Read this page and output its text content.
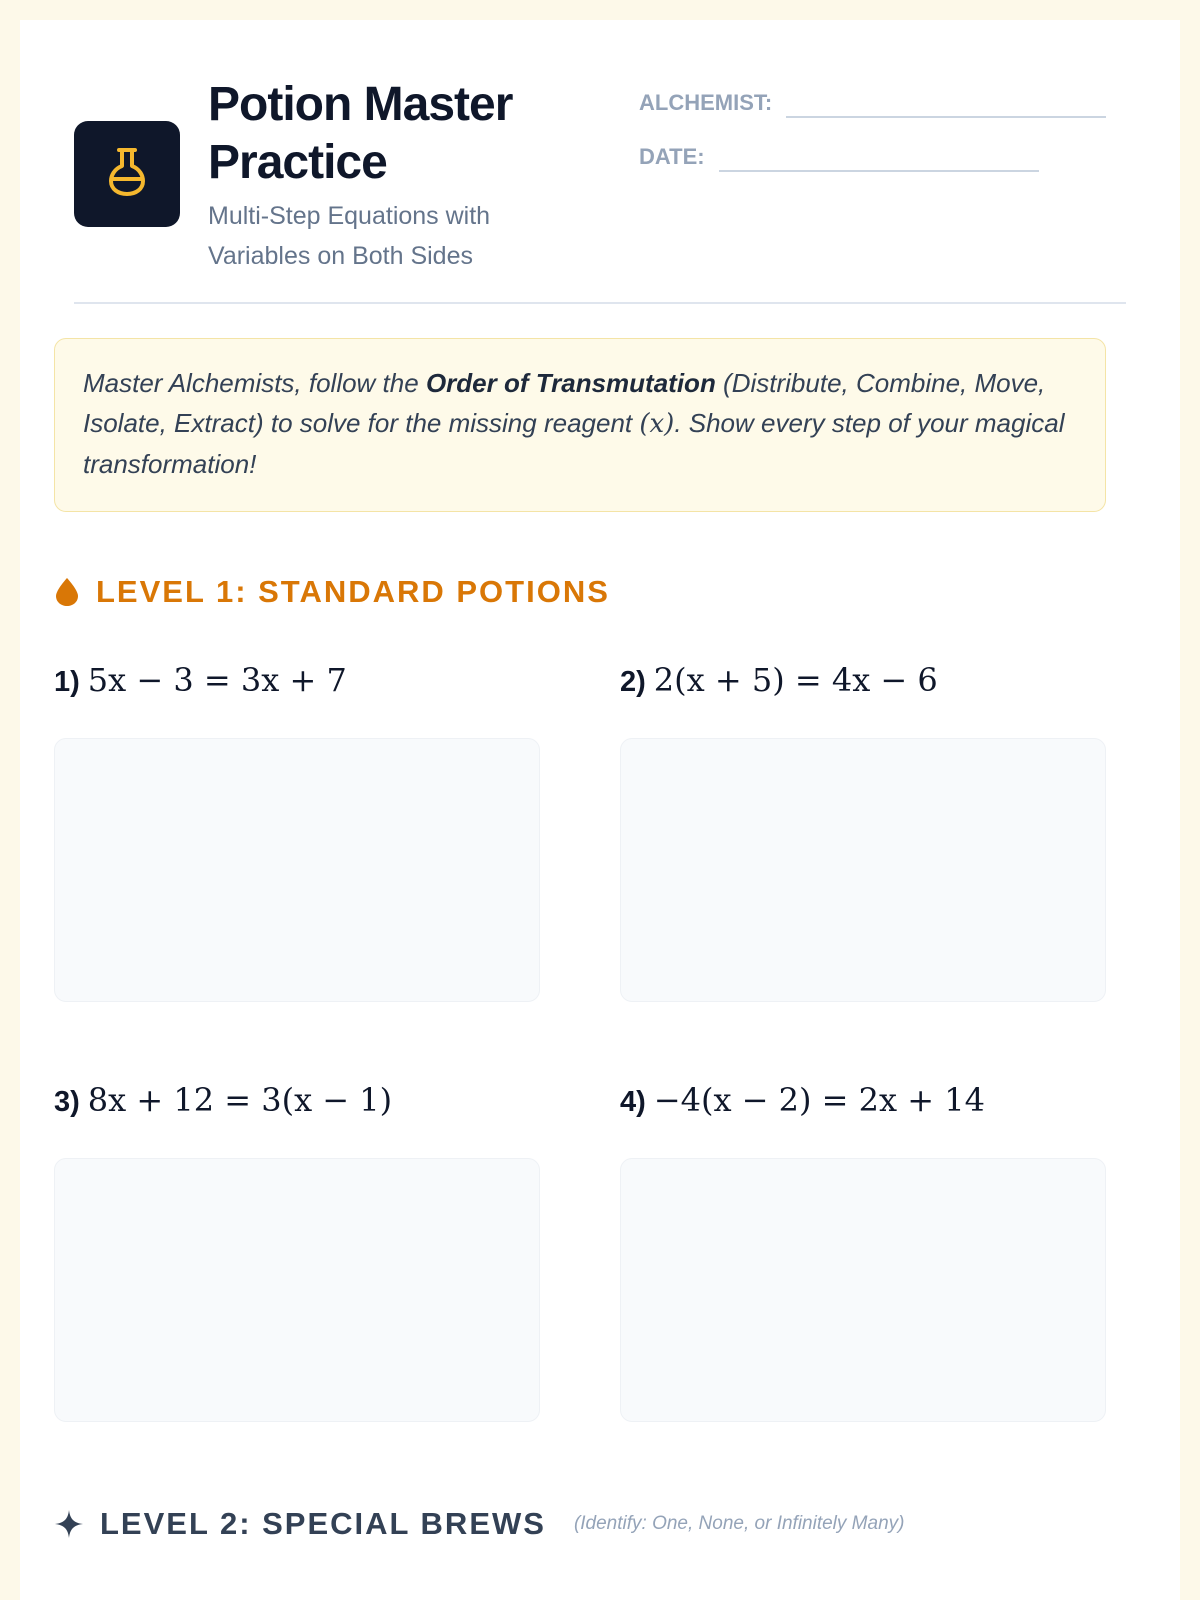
Potion Master Practice
Multi-Step Equations with Variables on Both Sides
ALCHEMIST:
DATE:
Master Alchemists, follow the Order of Transmutation (Distribute, Combine, Move, Isolate, Extract) to solve for the missing reagent (x). Show every step of your magical transformation!
LEVEL 1: STANDARD POTIONS
1) 5x − 3 = 3x + 7	2) 2(x + 5) = 4x − 6
3) 8x + 12 = 3(x − 1)	4) −4(x − 2) = 2x + 14
LEVEL 2: SPECIAL BREWS (Identify: One, None, or Infinitely Many)
